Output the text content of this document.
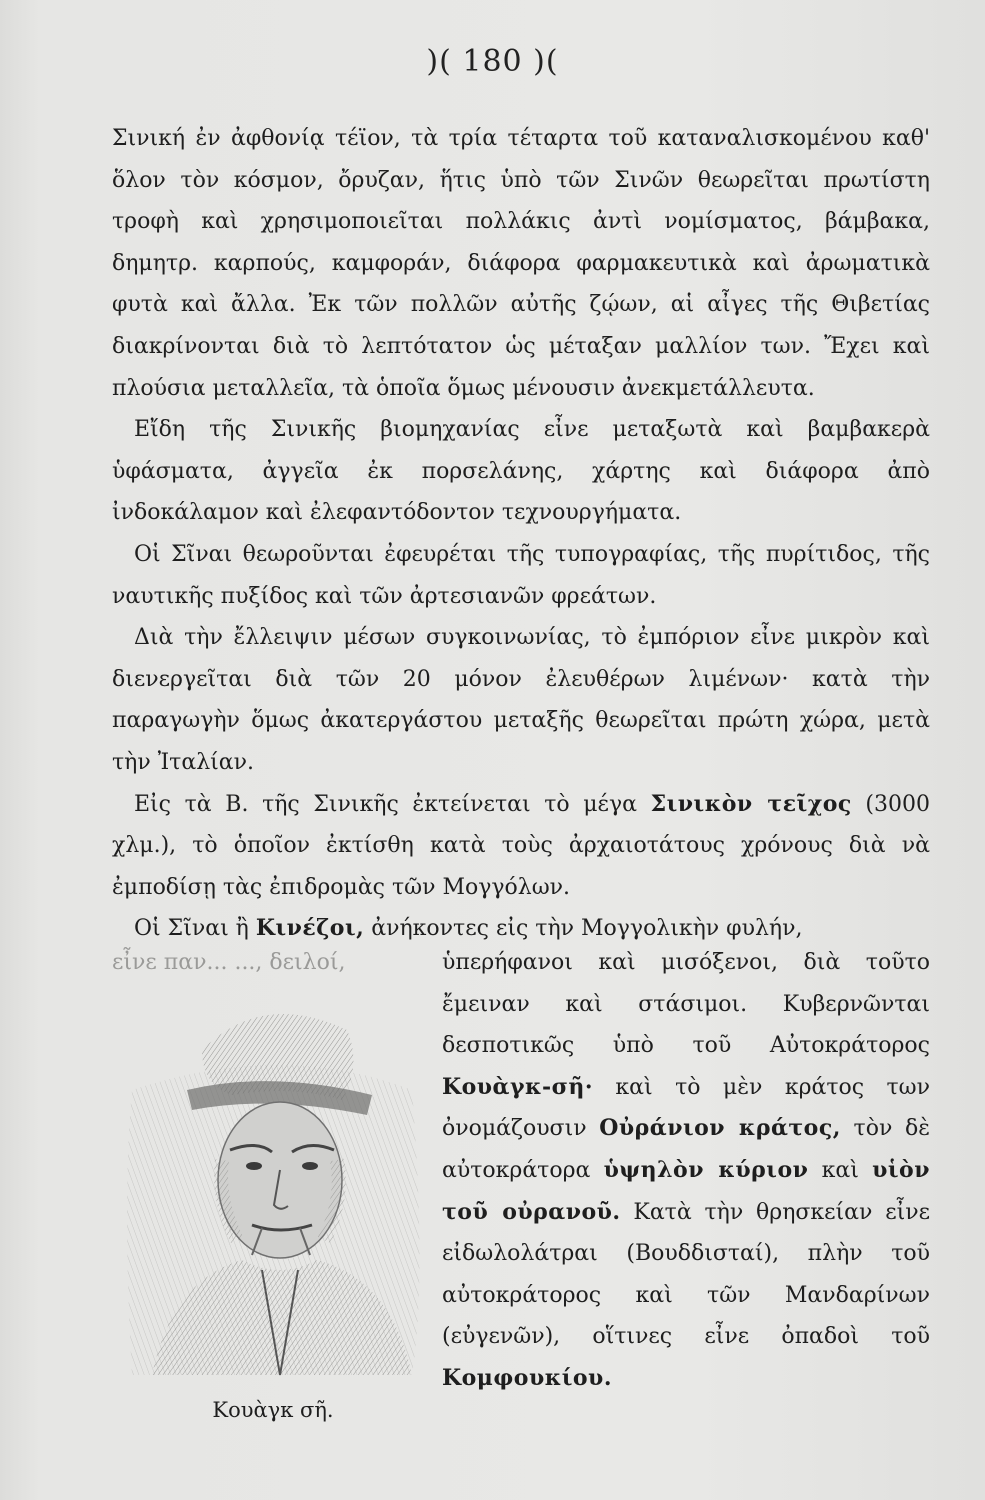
)( 180 )(

Σινική ἐν ἀφθονίᾳ τέϊον, τὰ τρία τέταρτα τοῦ καταναλισκομένου καθ' ὅλον τὸν κόσμον, ὄρυζαν, ἥτις ὑπὸ τῶν Σινῶν θεωρεῖται πρωτίστη τροφὴ καὶ χρησιμοποιεῖται πολλάκις ἀντὶ νομίσματος, βάμβακα, δημητρ. καρπούς, καμφοράν, διάφορα φαρμακευτικὰ καὶ ἀρωματικὰ φυτὰ καὶ ἄλλα. Ἐκ τῶν πολλῶν αὐτῆς ζῴων, αἱ αἶγες τῆς Θιβετίας διακρίνονται διὰ τὸ λεπτότατον ὡς μέταξαν μαλλίον των. Ἔχει καὶ πλούσια μεταλλεῖα, τὰ ὁποῖα ὅμως μένουσιν ἀνεκμετάλλευτα.

Εἴδη τῆς Σινικῆς βιομηχανίας εἶνε μεταξωτὰ καὶ βαμβακερὰ ὑφάσματα, ἀγγεῖα ἐκ πορσελάνης, χάρτης καὶ διάφορα ἀπὸ ἰνδοκάλαμον καὶ ἐλεφαντόδοντον τεχνουργήματα.

Οἱ Σῖναι θεωροῦνται ἐφευρέται τῆς τυπογραφίας, τῆς πυρίτιδος, τῆς ναυτικῆς πυξίδος καὶ τῶν ἀρτεσιανῶν φρεάτων.

Διὰ τὴν ἔλλειψιν μέσων συγκοινωνίας, τὸ ἐμπόριον εἶνε μικρὸν καὶ διενεργεῖται διὰ τῶν 20 μόνον ἐλευθέρων λιμένων· κατὰ τὴν παραγωγὴν ὅμως ἀκατεργάστου μεταξῆς θεωρεῖται πρώτη χώρα, μετὰ τὴν Ἰταλίαν.

Εἰς τὰ Β. τῆς Σινικῆς ἐκτείνεται τὸ μέγα Σινικὸν τεῖχος (3000 χλμ.), τὸ ὁποῖον ἐκτίσθη κατὰ τοὺς ἀρχαιοτάτους χρόνους διὰ νὰ ἐμποδίσῃ τὰς ἐπιδρομὰς τῶν Μογγόλων.

Οἱ Σῖναι ἢ Κινέζοι, ἀνήκοντες εἰς τὴν Μογγολικὴν φυλήν,

εἶνε παν... ..., δειλοί,
Κουὰγκ σῆ.

ὑπερήφανοι καὶ μισόξενοι, διὰ τοῦτο ἔμειναν καὶ στάσιμοι. Κυβερνῶνται δεσποτικῶς ὑπὸ τοῦ Αὐτοκράτορος Κουὰγκ-σῆ· καὶ τὸ μὲν κράτος των ὀνομάζουσιν Οὐράνιον κράτος, τὸν δὲ αὐτοκράτορα ὑψηλὸν κύριον καὶ υἱὸν τοῦ οὐρανοῦ. Κατὰ τὴν θρησκείαν εἶνε εἰδωλολάτραι (Βουδδισταί), πλὴν τοῦ αὐτοκράτορος καὶ τῶν Μανδαρίνων (εὐγενῶν), οἵτινες εἶνε ὀπαδοὶ τοῦ Κομφουκίου.
